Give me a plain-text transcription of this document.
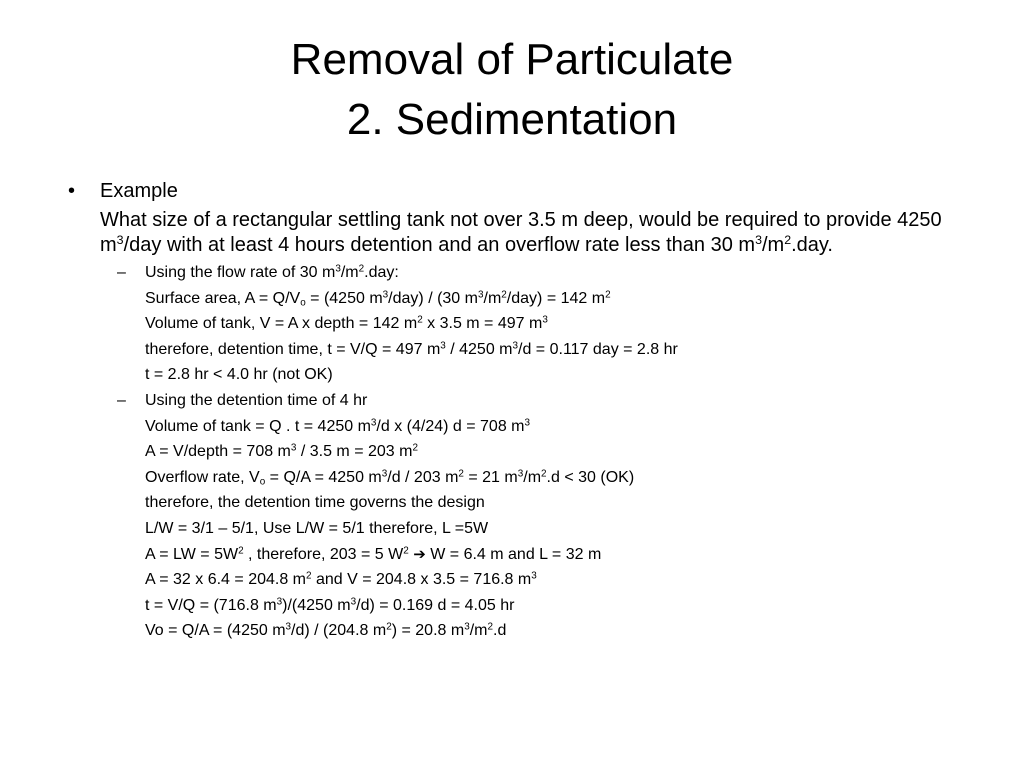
Removal of Particulate
2. Sedimentation
•	Example
What size of a rectangular settling tank not over 3.5 m deep, would be required to provide 4250 $m^3$/day with at least 4 hours detention and an overflow rate less than 30 $m^3/m^2.day$.
– Using the flow rate of 30 $m^3/m^2.day$:
Surface area, $A = Q/V_o = (4250$ $m^3/day) / (30$ $m^3/m^2/day) = 142$ $m^2$
Volume of tank, V = A x depth = 142 $m^2$ x 3.5 m = 497 $m^3$
therefore, detention time, t = V/Q = 497 $m^3 / 4250$ $m^3/d = 0.117$ day = 2.8 hr
t = 2.8 hr < 4.0 hr (not OK)
– Using the detention time of 4 hr
Volume of tank = Q . t = 4250 $m^3/d$ x (4/24) d = 708 $m^3$
A = V/depth = 708 $m^3 / 3.5$ m = 203 $m^2$
Overflow rate, $V_o = Q/A = 4250$ $m^3/d / 203$ $m^2 = 21$ $m^3/m^2.d < 30$ (OK)
therefore, the detention time governs the design
L/W = 3/1 – 5/1, Use L/W = 5/1 therefore, L =5W
A = LW = $5W^2$ , therefore, 203 = 5 $W^2$ ➔ W = 6.4 m and L = 32 m
A = 32 x 6.4 = 204.8 $m^2$ and V = 204.8 x 3.5 = 716.8 $m^3$
t = V/Q = (716.8 $m^3)/(4250$ $m^3/d) = 0.169$ d = 4.05 hr
Vo = Q/A = (4250 $m^3/d) / (204.8$ $m^2) = 20.8$ $m^3/m^2.d$
